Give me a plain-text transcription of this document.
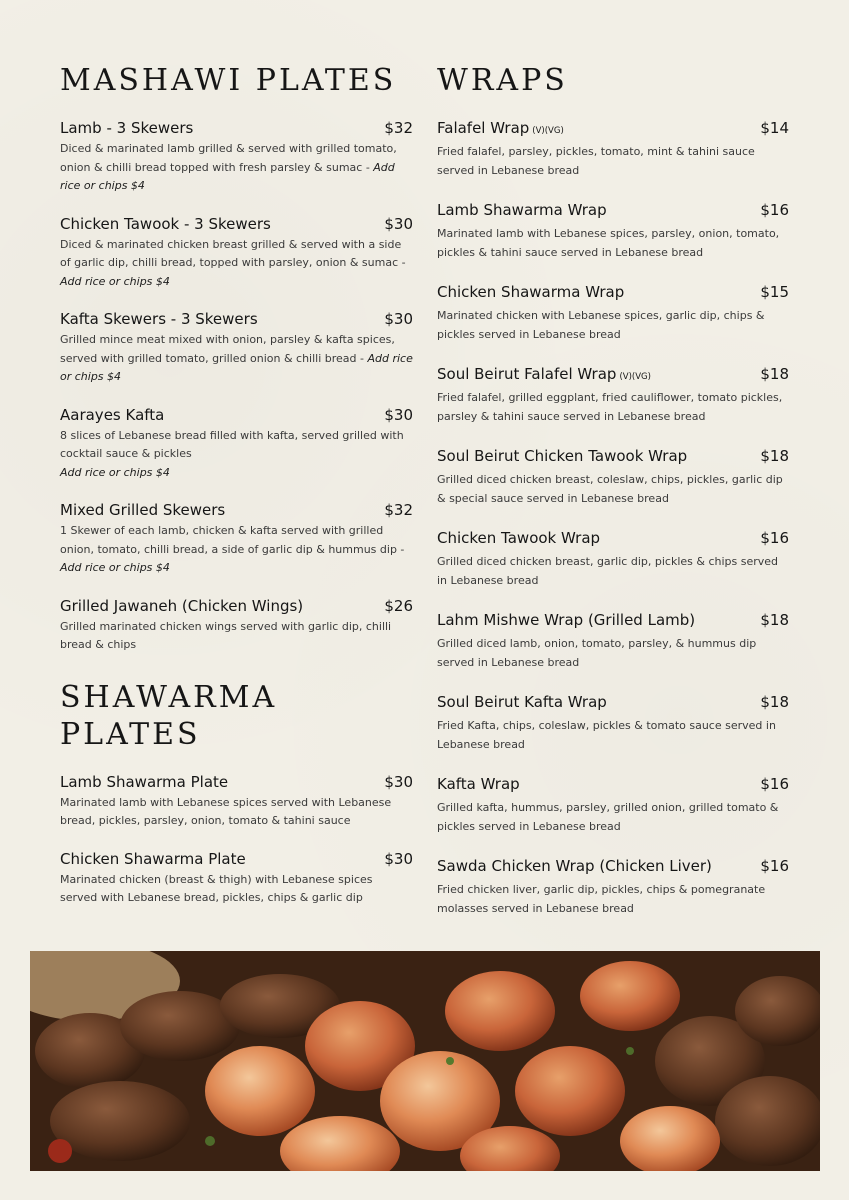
MASHAWI PLATES
Lamb - 3 Skewers	$32
Diced & marinated lamb grilled & served with grilled tomato, onion & chilli bread topped with fresh parsley & sumac - Add rice or chips $4
Chicken Tawook - 3 Skewers	$30
Diced & marinated chicken breast grilled & served with a side of garlic dip, chilli bread, topped with parsley, onion & sumac - Add rice or chips $4
Kafta Skewers - 3 Skewers	$30
Grilled mince meat mixed with onion, parsley & kafta spices, served with grilled tomato, grilled onion & chilli bread - Add rice or chips $4
Aarayes Kafta	$30
8 slices of Lebanese bread filled with kafta, served grilled with cocktail sauce & pickles
Add rice or chips $4
Mixed Grilled Skewers	$32
1 Skewer of each lamb, chicken & kafta served with grilled onion, tomato, chilli bread, a side of garlic dip & hummus dip - Add rice or chips $4
Grilled Jawaneh (Chicken Wings)	$26
Grilled marinated chicken wings served with garlic dip, chilli bread & chips
SHAWARMA
PLATES
Lamb Shawarma Plate	$30
Marinated lamb with Lebanese spices served with Lebanese bread, pickles, parsley, onion, tomato & tahini sauce
Chicken Shawarma Plate	$30
Marinated chicken (breast & thigh) with Lebanese spices served with Lebanese bread, pickles, chips & garlic dip
WRAPS
Falafel Wrap (V)(VG)	$14
Fried falafel, parsley, pickles, tomato, mint & tahini sauce served in Lebanese bread
Lamb Shawarma Wrap	$16
Marinated lamb with Lebanese spices, parsley, onion, tomato, pickles & tahini sauce served in Lebanese bread
Chicken Shawarma Wrap	$15
Marinated chicken with Lebanese spices, garlic dip, chips & pickles served in Lebanese bread
Soul Beirut Falafel Wrap (V)(VG)	$18
Fried falafel, grilled eggplant, fried cauliflower, tomato pickles, parsley & tahini sauce served in Lebanese bread
Soul Beirut Chicken Tawook Wrap	$18
Grilled diced chicken breast, coleslaw, chips, pickles, garlic dip & special sauce served in Lebanese bread
Chicken Tawook Wrap	$16
Grilled diced chicken breast, garlic dip, pickles & chips served in Lebanese bread
Lahm Mishwe Wrap (Grilled Lamb)	$18
Grilled diced lamb, onion, tomato, parsley, & hummus dip served in Lebanese bread
Soul Beirut Kafta Wrap	$18
Fried Kafta, chips, coleslaw, pickles & tomato sauce served in Lebanese bread
Kafta Wrap	$16
Grilled kafta, hummus, parsley, grilled onion, grilled tomato & pickles served in Lebanese bread
Sawda Chicken Wrap (Chicken Liver)	$16
Fried chicken liver, garlic dip, pickles, chips & pomegranate molasses served in Lebanese bread
